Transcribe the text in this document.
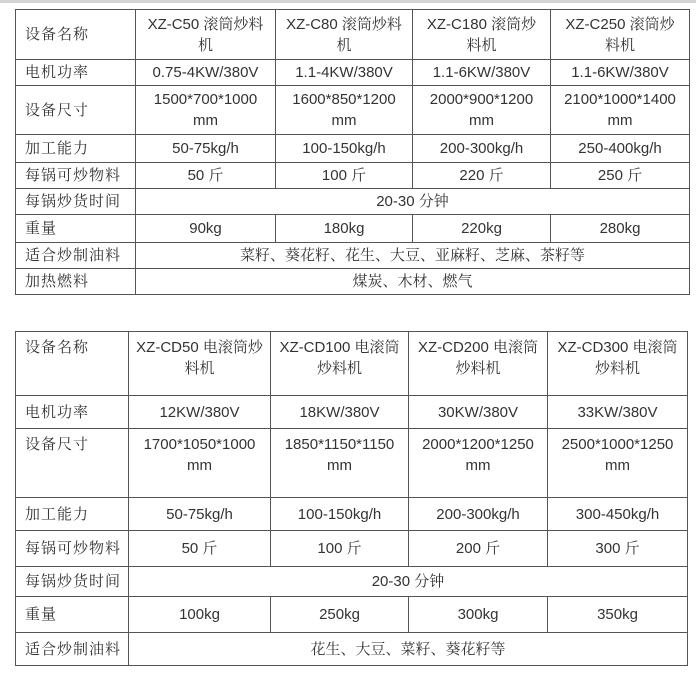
设备名称	XZ-C50 滚筒炒料机	XZ-C80 滚筒炒料机	XZ-C180 滚筒炒料机	XZ-C250 滚筒炒料机
电机功率	0.75-4KW/380V	1.1-4KW/380V	1.1-6KW/380V	1.1-6KW/380V
设备尺寸	1500*700*1000 mm	1600*850*1200 mm	2000*900*1200 mm	2100*1000*1400 mm
加工能力	50-75kg/h	100-150kg/h	200-300kg/h	250-400kg/h
每锅可炒物料	50 斤	100 斤	220 斤	250 斤
每锅炒货时间	20-30 分钟			
重量	90kg	180kg	220kg	280kg
适合炒制油料	菜籽、葵花籽、花生、大豆、亚麻籽、芝麻、茶籽等			
加热燃料	煤炭、木材、燃气			
设备名称	XZ-CD50 电滚筒炒料机	XZ-CD100 电滚筒炒料机	XZ-CD200 电滚筒炒料机	XZ-CD300 电滚筒炒料机
电机功率	12KW/380V	18KW/380V	30KW/380V	33KW/380V
设备尺寸	1700*1050*1000 mm	1850*1150*1150 mm	2000*1200*1250 mm	2500*1000*1250 mm
加工能力	50-75kg/h	100-150kg/h	200-300kg/h	300-450kg/h
每锅可炒物料	50 斤	100 斤	200 斤	300 斤
每锅炒货时间	20-30 分钟			
重量	100kg	250kg	300kg	350kg
适合炒制油料	花生、大豆、菜籽、葵花籽等			
